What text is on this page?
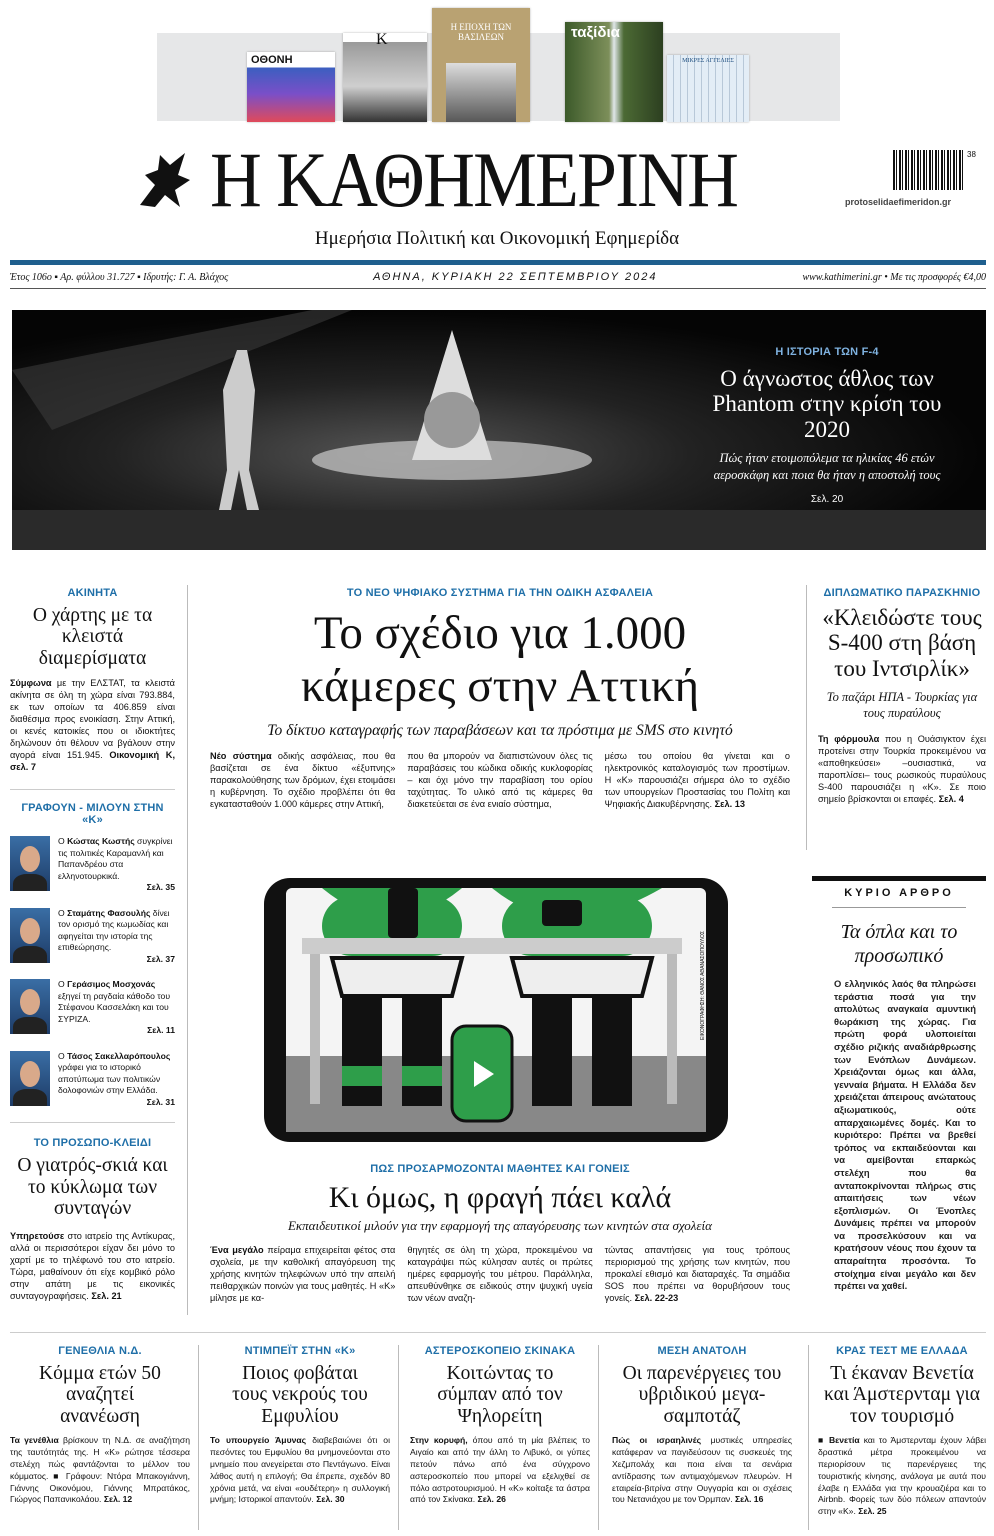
ΟΘΟΝΗ
K
Η ΕΠΟΧΗ ΤΩΝ ΒΑΣΙΛΕΩΝ	ταξίδια
ΜΙΚΡΕΣ ΑΓΓΕΛΙΕΣ
Η ΚΑΘΗΜΕΡΙΝΗ	38
protoselidaefimeridon.gr
Ημερήσια Πολιτική και Οικονομική Εφημερίδα
Έτος 106ο ▪ Αρ. φύλλου 31.727 ▪ Ιδρυτής: Γ. Α. Βλάχος	ΑΘΗΝΑ, ΚΥΡΙΑΚΗ 22 ΣΕΠΤΕΜΒΡΙΟΥ 2024	www.kathimerini.gr • Με τις προσφορές €4,00
Η ΙΣΤΟΡΙΑ ΤΩΝ F-4
Ο άγνωστος άθλος των Phantom στην κρίση του 2020
Πώς ήταν ετοιμοπόλεμα τα ηλικίας 46 ετών αεροσκάφη και ποια θα ήταν η αποστολή τους
Σελ. 20
ΑΚΙΝΗΤΑ
Ο χάρτης με τα κλειστά διαμερίσματα
Σύμφωνα με την ΕΛΣΤΑΤ, τα κλειστά ακίνητα σε όλη τη χώρα είναι 793.884, εκ των οποίων τα 406.859 είναι διαθέσιμα προς ενοικίαση. Στην Αττική, οι κενές κατοικίες που οι ιδιοκτήτες δηλώνουν ότι θέλουν να βγάλουν στην αγορά είναι 151.945. Οικονομική Κ, σελ. 7
ΓΡΑΦΟΥΝ - ΜΙΛΟΥΝ ΣΤΗΝ «Κ»
Ο Κώστας Κωστής συγκρίνει τις πολιτικές Καραμανλή και Παπανδρέου στα ελληνοτουρκικά.
Σελ. 35
Ο Σταμάτης Φασουλής δίνει τον ορισμό της κωμωδίας και αφηγείται την ιστορία της επιθεώρησης.
Σελ. 37
Ο Γεράσιμος Μοσχονάς εξηγεί τη ραγδαία κάθοδο του Στέφανου Κασσελάκη και του ΣΥΡΙΖΑ.
Σελ. 11
Ο Τάσος Σακελλαρόπουλος γράφει για το ιστορικό αποτύπωμα των πολιτικών δολοφονιών στην Ελλάδα.
Σελ. 31
ΤΟ ΠΡΟΣΩΠΟ-ΚΛΕΙΔΙ
Ο γιατρός-σκιά και το κύκλωμα των συνταγών
Υπηρετούσε στο ιατρείο της Αντίκυρας, αλλά οι περισσότεροι είχαν δει μόνο το χαρτί με το τηλέφωνό του στο ιατρείο. Τώρα, μαθαίνουν ότι είχε κομβικό ρόλο στην απάτη με τις εικονικές συνταγογραφήσεις. Σελ. 21
ΤΟ ΝΕΟ ΨΗΦΙΑΚΟ ΣΥΣΤΗΜΑ ΓΙΑ ΤΗΝ ΟΔΙΚΗ ΑΣΦΑΛΕΙΑ
Το σχέδιο για 1.000 κάμερες στην Αττική
Το δίκτυο καταγραφής των παραβάσεων και τα πρόστιμα με SMS στο κινητό
Νέο σύστημα οδικής ασφάλειας, που θα βασίζεται σε ένα δίκτυο «έξυπνης» παρακολούθησης των δρόμων, έχει ετοιμάσει η κυβέρνηση. Το σχέδιο προβλέπει ότι θα εγκατασταθούν 1.000 κάμερες στην Αττική,
που θα μπορούν να διαπιστώνουν όλες τις παραβάσεις του κώδικα οδικής κυκλοφορίας – και όχι μόνο την παραβίαση του ορίου ταχύτητας. Το υλικό από τις κάμερες θα διακετεύεται σε ένα ενιαίο σύστημα,
μέσω του οποίου θα γίνεται και ο ηλεκτρονικός καταλογισμός των προστίμων. Η «Κ» παρουσιάζει σήμερα όλο το σχέδιο των υπουργείων Προστασίας του Πολίτη και Ψηφιακής Διακυβέρνησης. Σελ. 13
ΕΙΚΟΝΟΓΡΑΦΗΣΗ: ΘΑΝΟΣ ΑΘΑΝΑΣΟΠΟΥΛΟΣ
ΠΩΣ ΠΡΟΣΑΡΜΟΖΟΝΤΑΙ ΜΑΘΗΤΕΣ ΚΑΙ ΓΟΝΕΙΣ
Κι όμως, η φραγή πάει καλά
Εκπαιδευτικοί μιλούν για την εφαρμογή της απαγόρευσης των κινητών στα σχολεία
Ένα μεγάλο πείραμα επιχειρείται φέτος στα σχολεία, με την καθολική απαγόρευση της χρήσης κινητών τηλεφώνων υπό την απειλή πειθαρχικών ποινών για τους μαθητές. Η «Κ» μίλησε με κα-
θηγητές σε όλη τη χώρα, προκειμένου να καταγράψει πώς κύλησαν αυτές οι πρώτες ημέρες εφαρμογής του μέτρου. Παράλληλα, απευθύνθηκε σε ειδικούς στην ψυχική υγεία των νέων αναζη-
τώντας απαντήσεις για τους τρόπους περιορισμού της χρήσης των κινητών, που προκαλεί εθισμό και διαταραχές. Τα σημάδια SOS που πρέπει να θορυβήσουν τους γονείς. Σελ. 22-23
ΔΙΠΛΩΜΑΤΙΚΟ ΠΑΡΑΣΚΗΝΙΟ
«Κλειδώστε τους S-400 στη βάση του Ιντσιρλίκ»
Το παζάρι ΗΠΑ - Τουρκίας για τους πυραύλους
Τη φόρμουλα που η Ουάσιγκτον έχει προτείνει στην Τουρκία προκειμένου να «αποθηκεύσει» –ουσιαστικά, να παροπλίσει– τους ρωσικούς πυραύλους S-400 παρουσιάζει η «Κ». Σε ποιο σημείο βρίσκονται οι επαφές. Σελ. 4
ΚΥΡΙΟ ΑΡΘΡΟ
Τα όπλα και το προσωπικό
Ο ελληνικός λαός θα πληρώσει τεράστια ποσά για την απολύτως αναγκαία αμυντική θωράκιση της χώρας. Για πρώτη φορά υλοποιείται σχέδιο ριζικής αναδιάρθρωσης των Ενόπλων Δυνάμεων. Χρειάζονται όμως και άλλα, γενναία βήματα. Η Ελλάδα δεν χρειάζεται άπειρους ανώτατους αξιωματικούς, ούτε απαρχαιωμένες δομές. Και το κυριότερο: Πρέπει να βρεθεί τρόπος να εκπαιδεύονται και να αμείβονται επαρκώς στελέχη που θα ανταποκρίνονται πλήρως στις απαιτήσεις των νέων εξοπλισμών. Οι Ένοπλες Δυνάμεις πρέπει να μπορούν να προσελκύσουν και να κρατήσουν νέους που έχουν τα απαραίτητα προσόντα. Το στοίχημα είναι μεγάλο και δεν πρέπει να χαθεί.
ΓΕΝΕΘΛΙΑ Ν.Δ.
Κόμμα ετών 50 αναζητεί ανανέωση
Τα γενέθλια βρίσκουν τη Ν.Δ. σε αναζήτηση της ταυτότητάς της. Η «Κ» ρώτησε τέσσερα στελέχη πώς φαντάζονται το μέλλον του κόμματος. ■ Γράφουν: Ντόρα Μπακογιάννη, Γιάννης Οικονόμου, Γιάννης Μπρατάκος, Γιώργος Παπανικολάου. Σελ. 12
ΝΤΙΜΠΕΪΤ ΣΤΗΝ «Κ»
Ποιος φοβάται τους νεκρούς του Εμφυλίου
Το υπουργείο Άμυνας διαβεβαιώνει ότι οι πεσόντες του Εμφυλίου θα μνημονεύονται στο μνημείο που ανεγείρεται στο Πεντάγωνο. Είναι λάθος αυτή η επιλογή; Θα έπρεπε, σχεδόν 80 χρόνια μετά, να είναι «ουδέτερη» η συλλογική μνήμη; Ιστορικοί απαντούν. Σελ. 30
ΑΣΤΕΡΟΣΚΟΠΕΙΟ ΣΚΙΝΑΚΑ
Κοιτώντας το σύμπαν από τον Ψηλορείτη
Στην κορυφή, όπου από τη μία βλέπεις το Αιγαίο και από την άλλη το Λιβυκό, οι γύπες πετούν πάνω από ένα σύγχρονο αστεροσκοπείο που μπορεί να εξελιχθεί σε πόλο αστροτουρισμού. Η «Κ» κοίταξε τα άστρα από τον Σκίνακα. Σελ. 26
ΜΕΣΗ ΑΝΑΤΟΛΗ
Οι παρενέργειες του υβριδικού μεγα-σαμποτάζ
Πώς οι ισραηλινές μυστικές υπηρεσίες κατάφεραν να παγιδεύσουν τις συσκευές της Χεζμπολάχ και ποια είναι τα σενάρια αντίδρασης των αντιμαχόμενων πλευρών. Η εταιρεία-βιτρίνα στην Ουγγαρία και οι σχέσεις του Νετανιάχου με τον Όρμπαν. Σελ. 16
ΚΡΑΣ ΤΕΣΤ ΜΕ ΕΛΛΑΔΑ
Τι έκαναν Βενετία και Άμστερνταμ για τον τουρισμό
■ Βενετία και το Άμστερνταμ έχουν λάβει δραστικά μέτρα προκειμένου να περιορίσουν τις παρενέργειες της τουριστικής κίνησης, ανάλογα με αυτά που έλαβε η Ελλάδα για την κρουαζιέρα και το Airbnb. Φορείς των δύο πόλεων απαντούν στην «Κ». Σελ. 25
